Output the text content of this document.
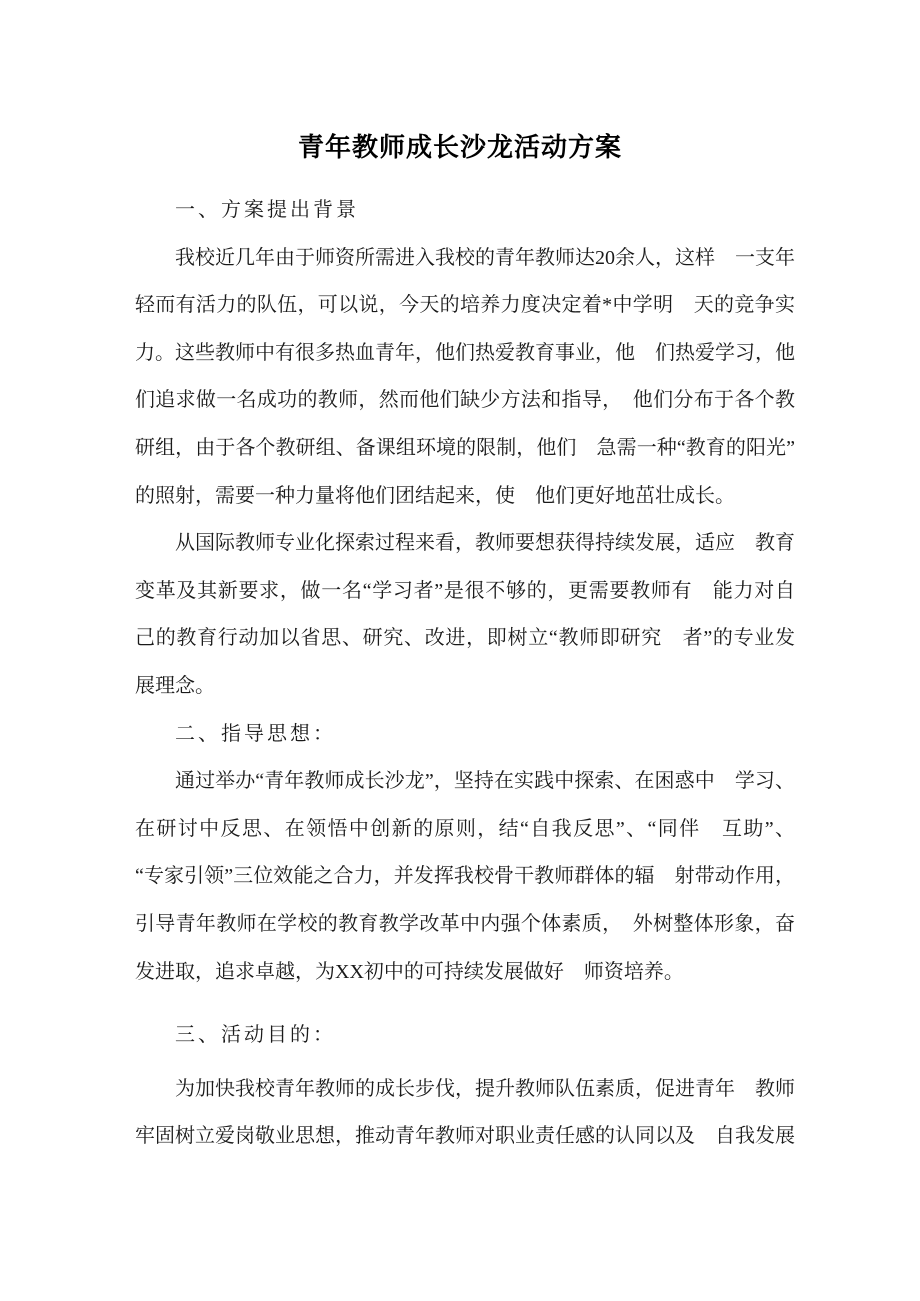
青年教师成长沙龙活动方案
一、方案提出背景
我校近几年由于师资所需进入我校的青年教师达20余人，这样　一支年
轻而有活力的队伍，可以说，今天的培养力度决定着*中学明　天的竞争实
力。这些教师中有很多热血青年，他们热爱教育事业，他　们热爱学习，他
们追求做一名成功的教师，然而他们缺少方法和指导，　他们分布于各个教
研组，由于各个教研组、备课组环境的限制，他们　急需一种“教育的阳光”
的照射，需要一种力量将他们团结起来，使　他们更好地茁壮成长。
从国际教师专业化探索过程来看，教师要想获得持续发展，适应　教育
变革及其新要求，做一名“学习者”是很不够的，更需要教师有　能力对自
己的教育行动加以省思、研究、改进，即树立“教师即研究　者”的专业发
展理念。
二、指导思想：
通过举办“青年教师成长沙龙”，坚持在实践中探索、在困惑中　学习、
在研讨中反思、在领悟中创新的原则，结“自我反思”、“同伴　互助”、
“专家引领”三位效能之合力，并发挥我校骨干教师群体的辐　射带动作用，
引导青年教师在学校的教育教学改革中内强个体素质，　外树整体形象，奋
发进取，追求卓越，为XX初中的可持续发展做好　师资培养。
三、活动目的：
为加快我校青年教师的成长步伐，提升教师队伍素质，促进青年　教师
牢固树立爱岗敬业思想，推动青年教师对职业责任感的认同以及　自我发展
